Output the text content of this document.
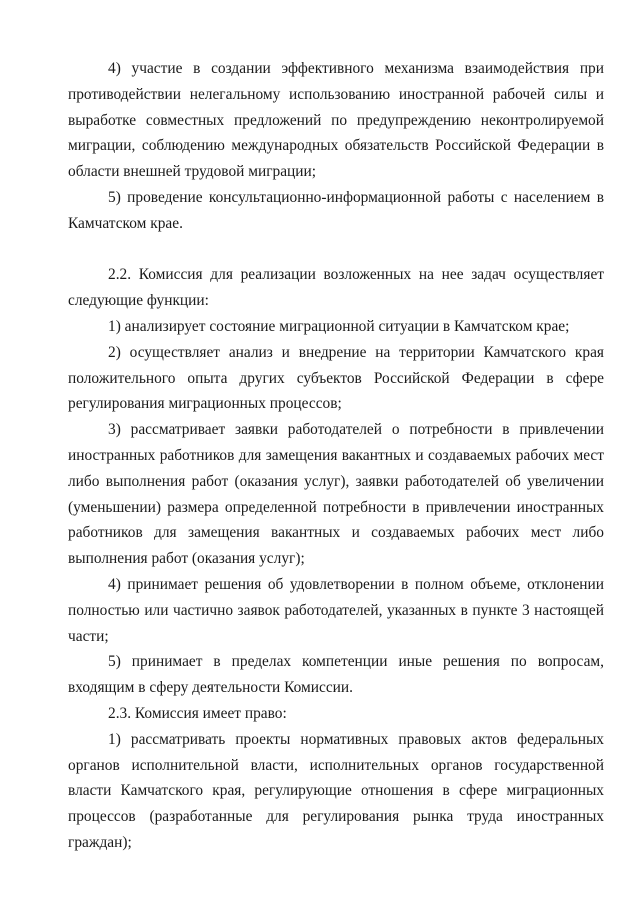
4) участие в создании эффективного механизма взаимодействия при противодействии нелегальному использованию иностранной рабочей силы и выработке совместных предложений по предупреждению неконтролируемой миграции, соблюдению международных обязательств Российской Федерации в области внешней трудовой миграции;

5) проведение консультационно-информационной работы с населением в Камчатском крае.

2.2. Комиссия для реализации возложенных на нее задач осуществляет следующие функции:

1) анализирует состояние миграционной ситуации в Камчатском крае;

2) осуществляет анализ и внедрение на территории Камчатского края положительного опыта других субъектов Российской Федерации в сфере регулирования миграционных процессов;

3) рассматривает заявки работодателей о потребности в привлечении иностранных работников для замещения вакантных и создаваемых рабочих мест либо выполнения работ (оказания услуг), заявки работодателей об увеличении (уменьшении) размера определенной потребности в привлечении иностранных работников для замещения вакантных и создаваемых рабочих мест либо выполнения работ (оказания услуг);

4) принимает решения об удовлетворении в полном объеме, отклонении полностью или частично заявок работодателей, указанных в пункте 3 настоящей части;

5) принимает в пределах компетенции иные решения по вопросам, входящим в сферу деятельности Комиссии.

2.3. Комиссия имеет право:

1) рассматривать проекты нормативных правовых актов федеральных органов исполнительной власти, исполнительных органов государственной власти Камчатского края, регулирующие отношения в сфере миграционных процессов (разработанные для регулирования рынка труда иностранных граждан);
